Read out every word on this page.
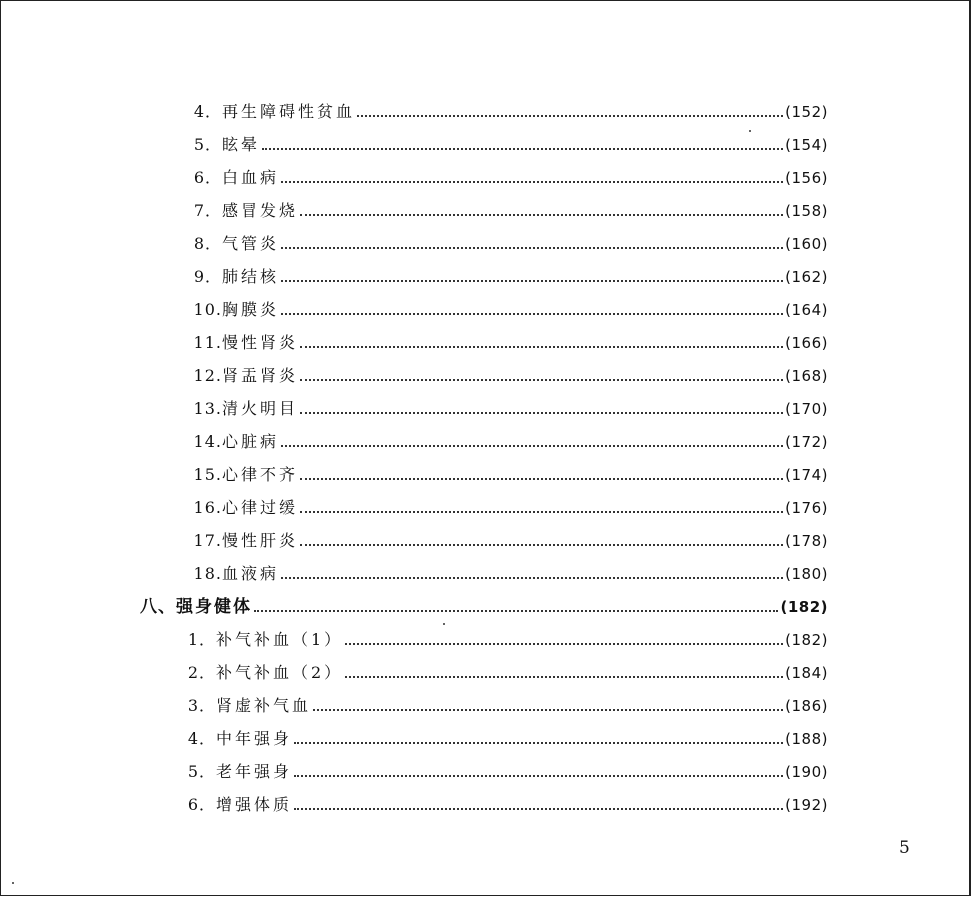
4． 再生障碍性贫血	(152)
5． 眩晕	(154)
6． 白血病	(156)
7． 感冒发烧	(158)
8． 气管炎	(160)
9． 肺结核	(162)
10. 胸膜炎	(164)
11. 慢性肾炎	(166)
12. 肾盂肾炎	(168)
13. 清火明目	(170)
14. 心脏病	(172)
15. 心律不齐	(174)
16. 心律过缓	(176)
17. 慢性肝炎	(178)
18. 血液病	(180)
八、 强身健体	(182)
1． 补气补血（1）	(182)
2． 补气补血（2）	(184)
3． 肾虚补气血	(186)
4． 中年强身	(188)
5． 老年强身	(190)
6． 增强体质	(192)
5
